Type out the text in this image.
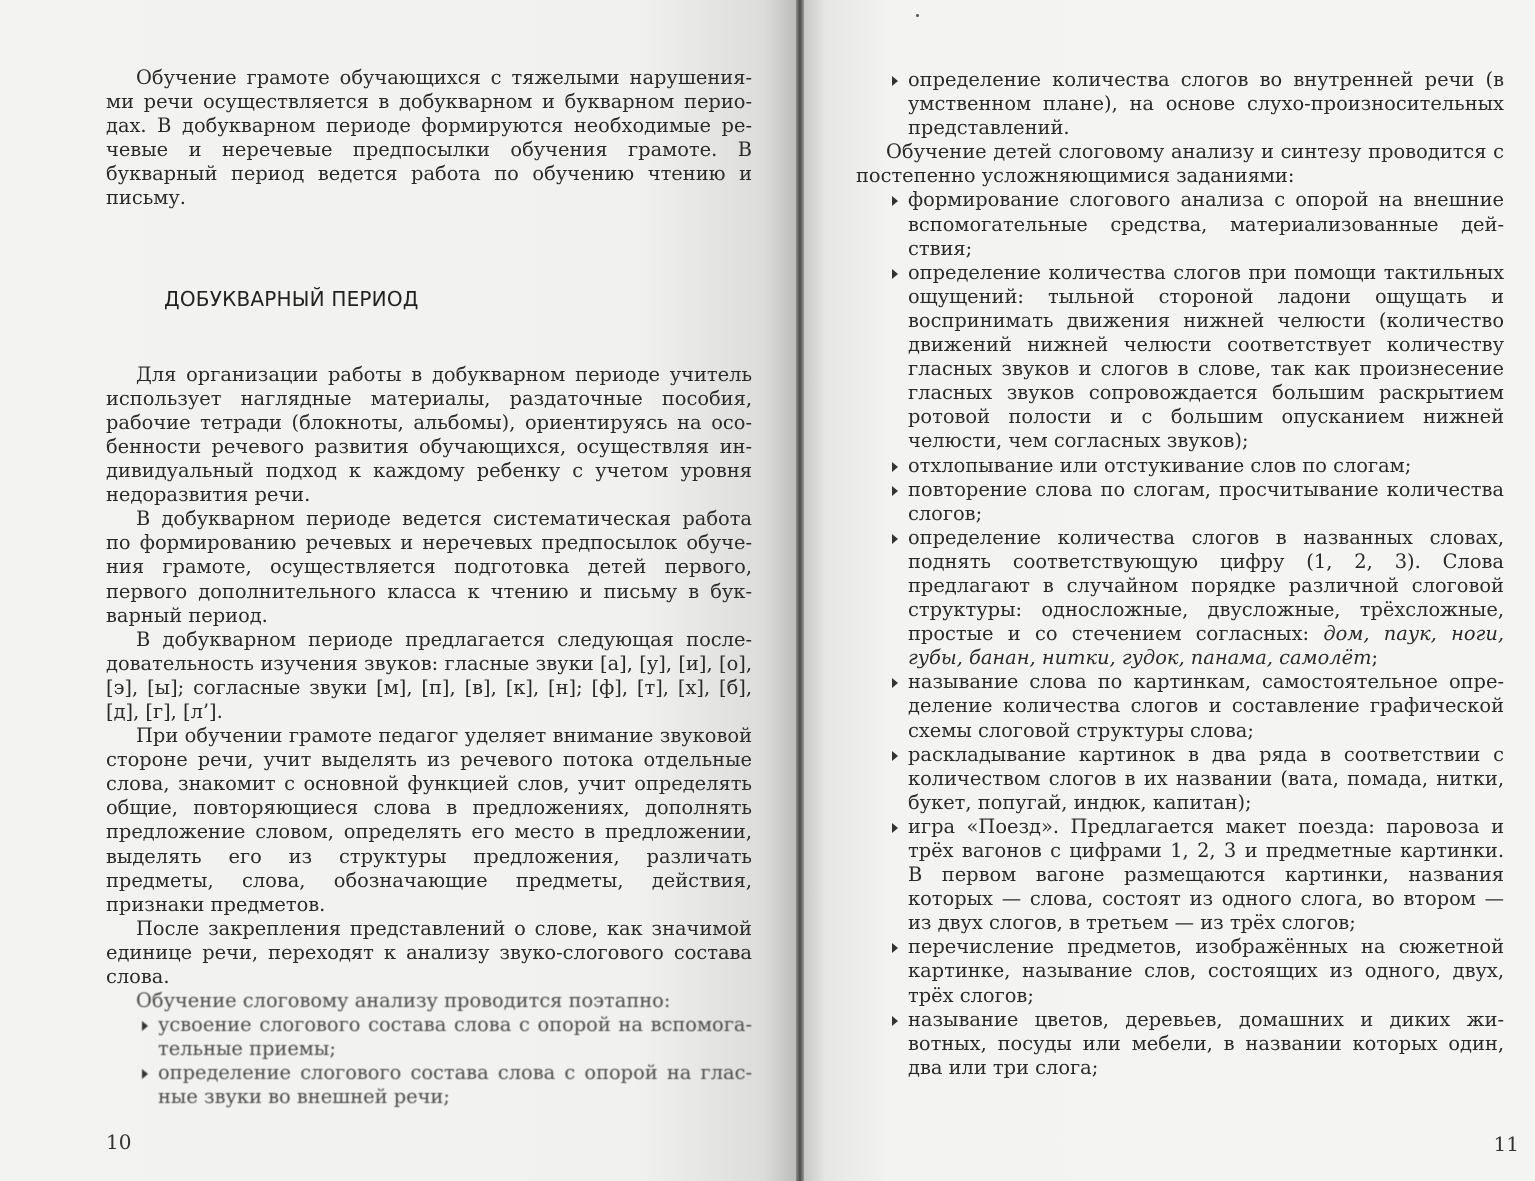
Обучение грамоте обучающихся с тяжелыми нарушениями речи осуществляется в добукварном и букварном периодах. В добукварном периоде формируются необходимые речевые и неречевые предпосылки обучения грамоте. В букварный период ведется работа по обучению чтению и письму.

ДОБУКВАРНЫЙ ПЕРИОД

Для организации работы в добукварном периоде учитель использует наглядные материалы, раздаточные пособия, рабочие тетради (блокноты, альбомы), ориентируясь на особенности речевого развития обучающихся, осуществляя индивидуальный подход к каждому ребенку с учетом уровня недоразвития речи.

В добукварном периоде ведется систематическая работа по формированию речевых и неречевых предпосылок обучения грамоте, осуществляется подготовка детей первого, первого дополнительного класса к чтению и письму в букварный период.

В добукварном периоде предлагается следующая последовательность изучения звуков: гласные звуки [а], [у], [и], [о], [э], [ы]; согласные звуки [м], [п], [в], [к], [н]; [ф], [т], [х], [б], [д], [г], [л’].

При обучении грамоте педагог уделяет внимание звуковой стороне речи, учит выделять из речевого потока отдельные слова, знакомит с основной функцией слов, учит определять общие, повторяющиеся слова в предложениях, дополнять предложение словом, определять его место в предложении, выделять его из структуры предложения, различать предметы, слова, обозначающие предметы, действия, признаки предметов.

После закрепления представлений о слове, как значимой единице речи, переходят к анализу звуко-слогового состава слова.

Обучение слоговому анализу проводится поэтапно:

усвоение слогового состава слова с опорой на вспомогательные приемы;
определение слогового состава слова с опорой на гласные звуки во внешней речи;
10
определение количества слогов во внутренней речи (в умственном плане), на основе слухо-произносительных представлений.

Обучение детей слоговому анализу и синтезу проводится с постепенно усложняющимися заданиями:

формирование слогового анализа с опорой на внешние вспомогательные средства, материализованные действия;
определение количества слогов при помощи тактильных ощущений: тыльной стороной ладони ощущать и воспринимать движения нижней челюсти (количество движений нижней челюсти соответствует количеству гласных звуков и слогов в слове, так как произнесение гласных звуков сопровождается большим раскрытием ротовой полости и с большим опусканием нижней челюсти, чем согласных звуков);
отхлопывание или отстукивание слов по слогам;
повторение слова по слогам, просчитывание количества слогов;
определение количества слогов в названных словах, поднять соответствующую цифру (1, 2, 3). Слова предлагают в случайном порядке различной слоговой структуры: односложные, двусложные, трёхсложные, простые и со стечением согласных: дом, паук, ноги, губы, банан, нитки, гудок, панама, самолёт;
называние слова по картинкам, самостоятельное определение количества слогов и составление графической схемы слоговой структуры слова;
раскладывание картинок в два ряда в соответствии с количеством слогов в их названии (вата, помада, нитки, букет, попугай, индюк, капитан);
игра «Поезд». Предлагается макет поезда: паровоза и трёх вагонов с цифрами 1, 2, 3 и предметные картинки. В первом вагоне размещаются картинки, названия которых — слова, состоят из одного слога, во втором — из двух слогов, в третьем — из трёх слогов;
перечисление предметов, изображённых на сюжетной картинке, называние слов, состоящих из одного, двух, трёх слогов;
называние цветов, деревьев, домашних и диких животных, посуды или мебели, в названии которых один, два или три слога;
11
